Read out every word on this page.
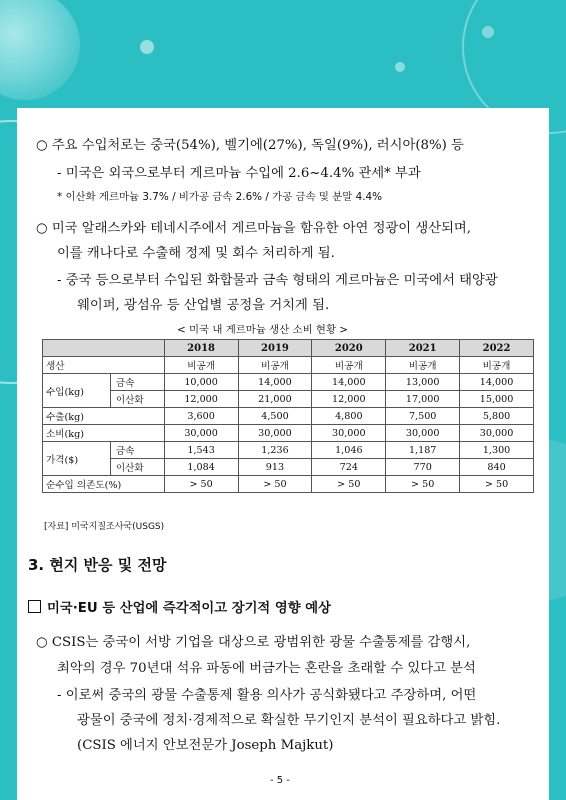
○ 주요 수입처로는 중국(54%), 벨기에(27%), 독일(9%), 러시아(8%) 등
- 미국은 외국으로부터 게르마늄 수입에 2.6~4.4% 관세* 부과
* 이산화 게르마늄 3.7% / 비가공 금속 2.6% / 가공 금속 및 분말 4.4%
○ 미국 알래스카와 테네시주에서 게르마늄을 함유한 아연 정광이 생산되며,
이를 캐나다로 수출해 정제 및 회수 처리하게 됨.
- 중국 등으로부터 수입된 화합물과 금속 형태의 게르마늄은 미국에서 태양광
웨이퍼, 광섬유 등 산업별 공정을 거치게 됨.
< 미국 내 게르마늄 생산 소비 현황 >
		2018	2019	2020	2021	2022
생산		비공개	비공개	비공개	비공개	비공개
수입(kg)	금속	10,000	14,000	14,000	13,000	14,000
	이산화	12,000	21,000	12,000	17,000	15,000
수출(kg)		3,600	4,500	4,800	7,500	5,800
소비(kg)		30,000	30,000	30,000	30,000	30,000
가격($)	금속	1,543	1,236	1,046	1,187	1,300
	이산화	1,084	913	724	770	840
순수입 의존도(%)		> 50	> 50	> 50	> 50	> 50
[자료] 미국지질조사국(USGS)
3. 현지 반응 및 전망
미국·EU 등 산업에 즉각적이고 장기적 영향 예상
○ CSIS는 중국이 서방 기업을 대상으로 광범위한 광물 수출통제를 감행시,
최악의 경우 70년대 석유 파동에 버금가는 혼란을 초래할 수 있다고 분석
- 이로써 중국의 광물 수출통제 활용 의사가 공식화됐다고 주장하며, 어떤
광물이 중국에 정치·경제적으로 확실한 무기인지 분석이 필요하다고 밝힘.
(CSIS 에너지 안보전문가 Joseph Majkut)
- 5 -
